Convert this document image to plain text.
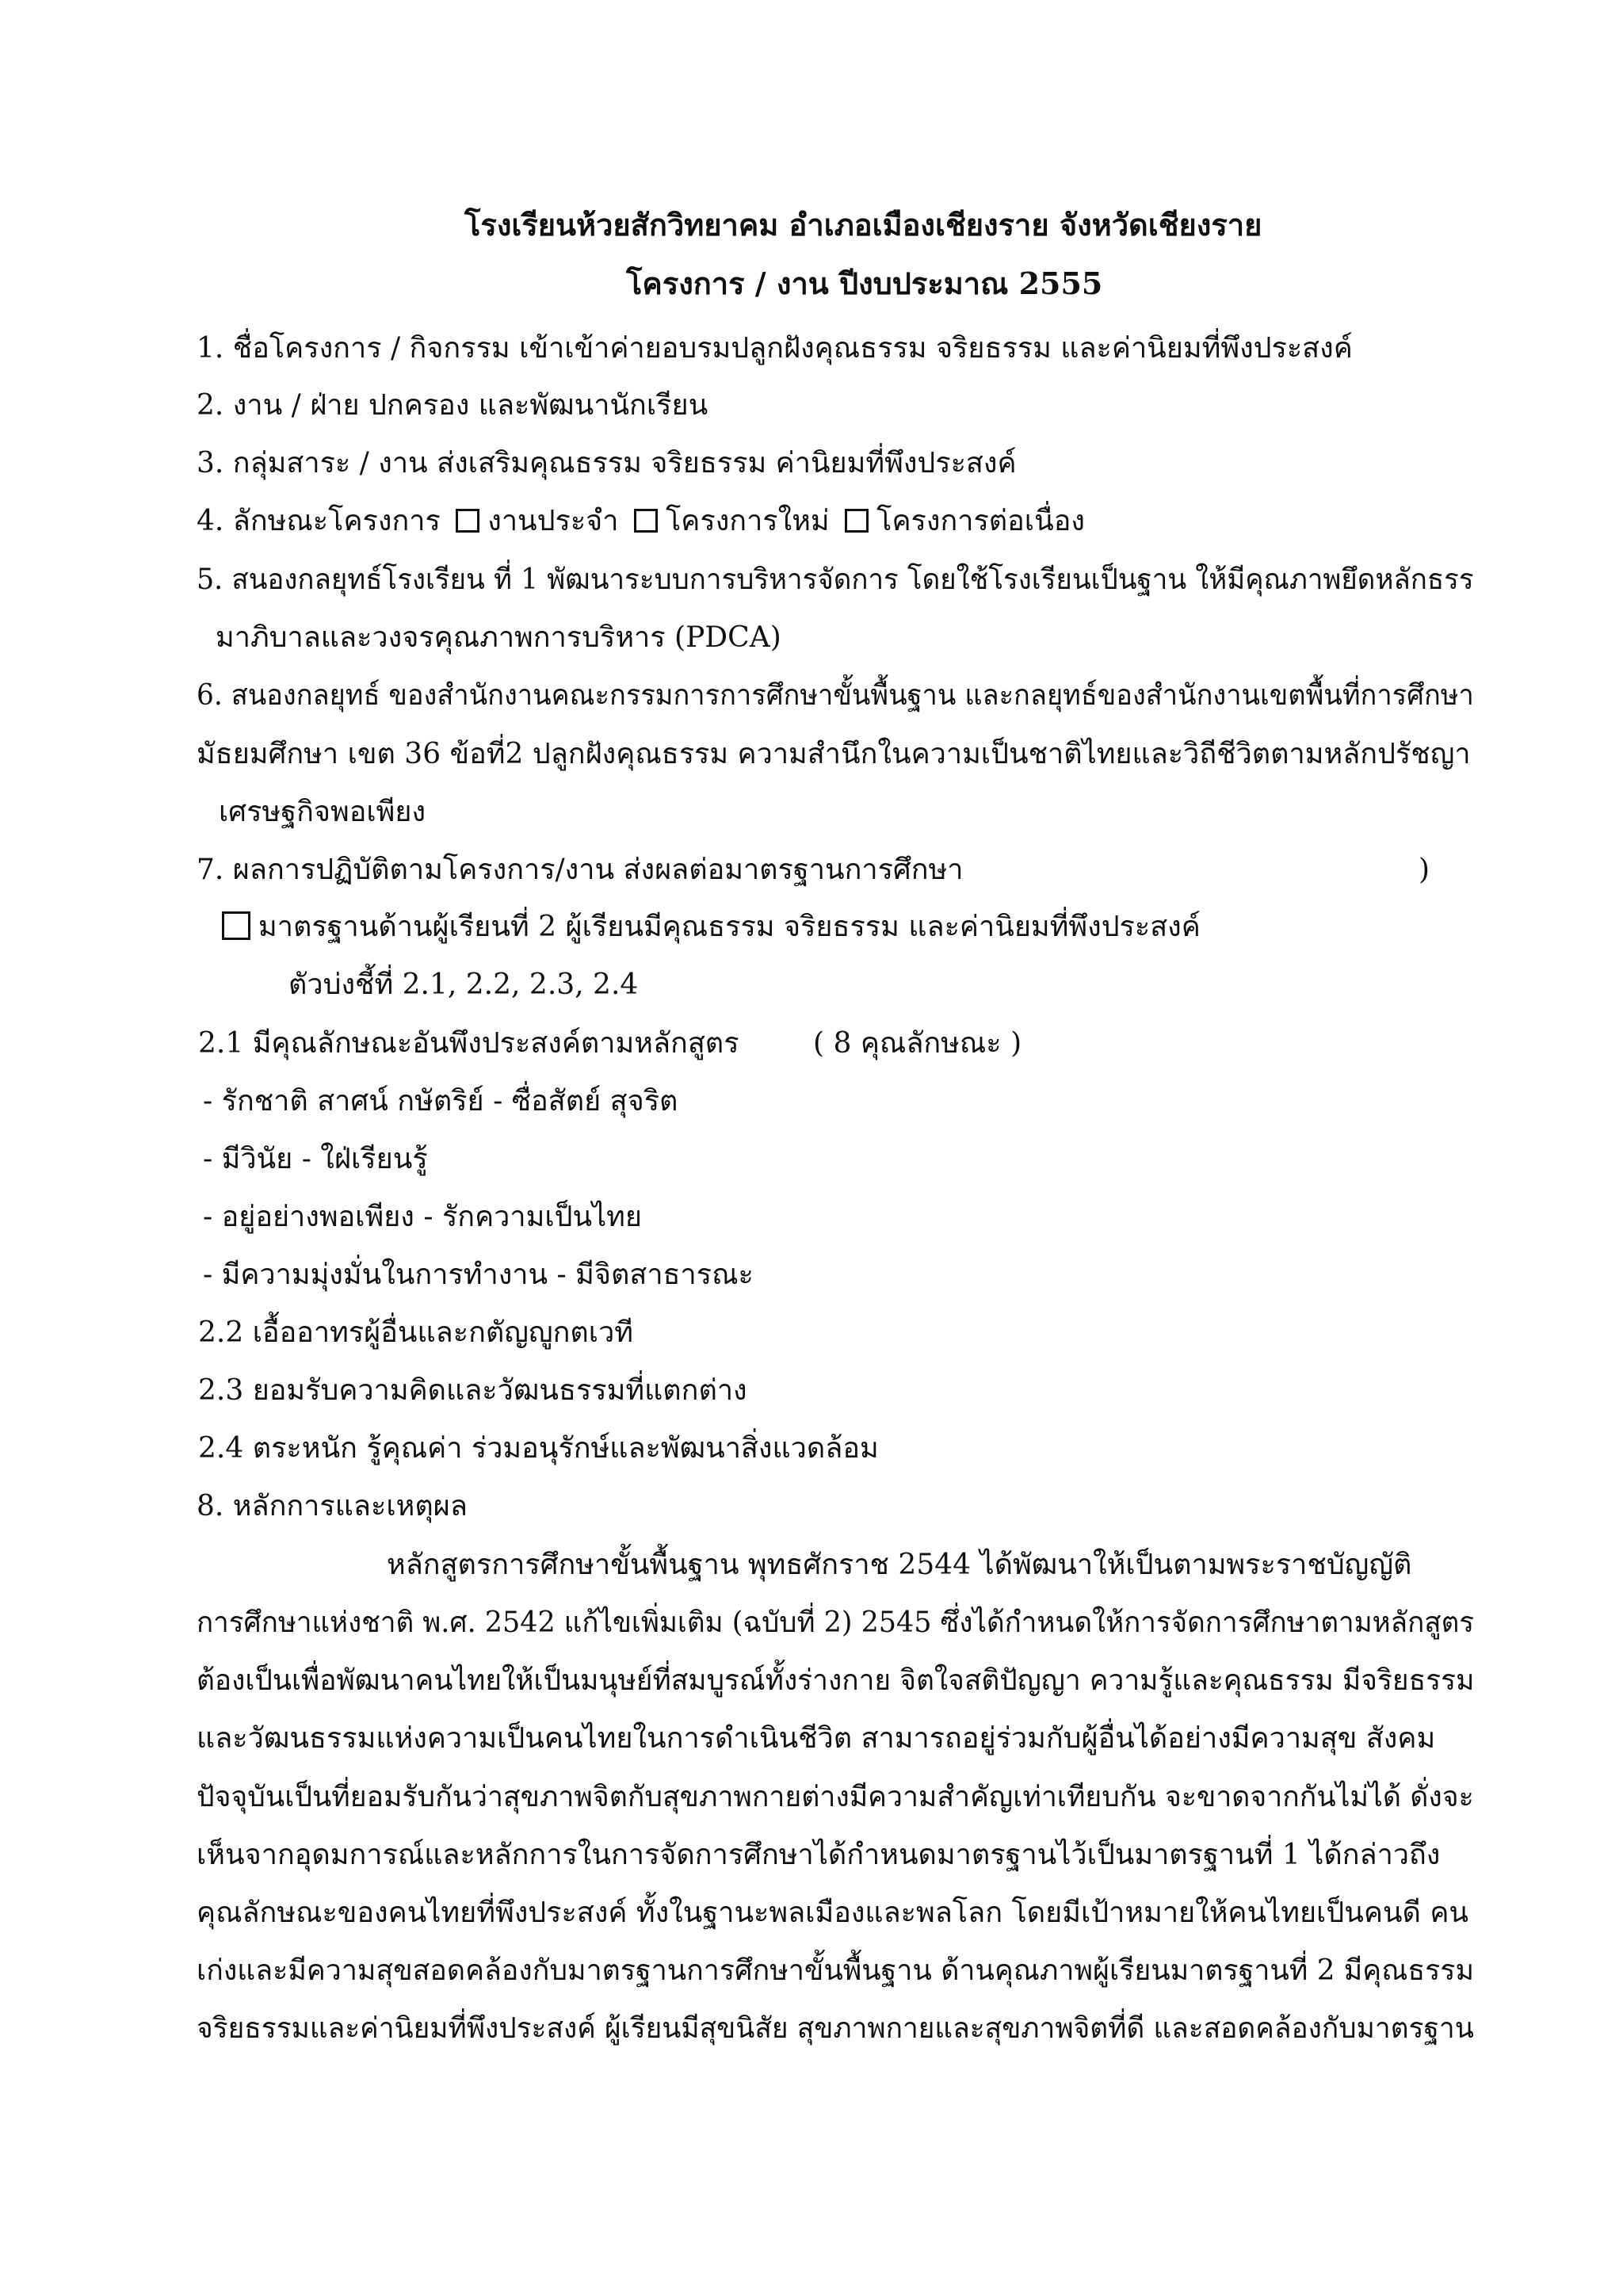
โรงเรียนห้วยสักวิทยาคม อำเภอเมืองเชียงราย จังหวัดเชียงราย
โครงการ / งาน ปีงบประมาณ 2555
1. ชื่อโครงการ / กิจกรรม เข้าเข้าค่ายอบรมปลูกฝังคุณธรรม จริยธรรม และค่านิยมที่พึงประสงค์
2. งาน / ฝ่าย ปกครอง และพัฒนานักเรียน
3. กลุ่มสาระ / งาน ส่งเสริมคุณธรรม จริยธรรม ค่านิยมที่พึงประสงค์
4. ลักษณะโครงการ งานประจำ โครงการใหม่ โครงการต่อเนื่อง
5. สนองกลยุทธ์โรงเรียน ที่ 1 พัฒนาระบบการบริหารจัดการ โดยใช้โรงเรียนเป็นฐาน ให้มีคุณภาพยึดหลักธรร
มาภิบาลและวงจรคุณภาพการบริหาร (PDCA)
6. สนองกลยุทธ์ ของสำนักงานคณะกรรมการการศึกษาขั้นพื้นฐาน และกลยุทธ์ของสำนักงานเขตพื้นที่การศึกษา
มัธยมศึกษา เขต 36 ข้อที่2 ปลูกฝังคุณธรรม ความสำนึกในความเป็นชาติไทยและวิถีชีวิตตามหลักปรัชญา
เศรษฐกิจพอเพียง
7. ผลการปฏิบัติตามโครงการ/งาน ส่งผลต่อมาตรฐานการศึกษา	)
มาตรฐานด้านผู้เรียนที่ 2 ผู้เรียนมีคุณธรรม จริยธรรม และค่านิยมที่พึงประสงค์
ตัวบ่งชี้ที่ 2.1, 2.2, 2.3, 2.4
2.1 มีคุณลักษณะอันพึงประสงค์ตามหลักสูตร	( 8 คุณลักษณะ )
- รักชาติ สาศน์ กษัตริย์ - ซื่อสัตย์ สุจริต
- มีวินัย - ใฝ่เรียนรู้
- อยู่อย่างพอเพียง - รักความเป็นไทย
- มีความมุ่งมั่นในการทำงาน - มีจิตสาธารณะ
2.2 เอื้ออาทรผู้อื่นและกตัญญูกตเวที
2.3 ยอมรับความคิดและวัฒนธรรมที่แตกต่าง
2.4 ตระหนัก รู้คุณค่า ร่วมอนุรักษ์และพัฒนาสิ่งแวดล้อม
8. หลักการและเหตุผล
หลักสูตรการศึกษาขั้นพื้นฐาน พุทธศักราช 2544 ได้พัฒนาให้เป็นตามพระราชบัญญัติ
การศึกษาแห่งชาติ พ.ศ. 2542 แก้ไขเพิ่มเติม (ฉบับที่ 2) 2545 ซึ่งได้กำหนดให้การจัดการศึกษาตามหลักสูตร
ต้องเป็นเพื่อพัฒนาคนไทยให้เป็นมนุษย์ที่สมบูรณ์ทั้งร่างกาย จิตใจสติปัญญา ความรู้และคุณธรรม มีจริยธรรม
และวัฒนธรรมแห่งความเป็นคนไทยในการดำเนินชีวิต สามารถอยู่ร่วมกับผู้อื่นได้อย่างมีความสุข สังคม
ปัจจุบันเป็นที่ยอมรับกันว่าสุขภาพจิตกับสุขภาพกายต่างมีความสำคัญเท่าเทียบกัน จะขาดจากกันไม่ได้ ดั่งจะ
เห็นจากอุดมการณ์และหลักการในการจัดการศึกษาได้กำหนดมาตรฐานไว้เป็นมาตรฐานที่ 1 ได้กล่าวถึง
คุณลักษณะของคนไทยที่พึงประสงค์ ทั้งในฐานะพลเมืองและพลโลก โดยมีเป้าหมายให้คนไทยเป็นคนดี คน
เก่งและมีความสุขสอดคล้องกับมาตรฐานการศึกษาขั้นพื้นฐาน ด้านคุณภาพผู้เรียนมาตรฐานที่ 2 มีคุณธรรม
จริยธรรมและค่านิยมที่พึงประสงค์ ผู้เรียนมีสุขนิสัย สุขภาพกายและสุขภาพจิตที่ดี และสอดคล้องกับมาตรฐาน
